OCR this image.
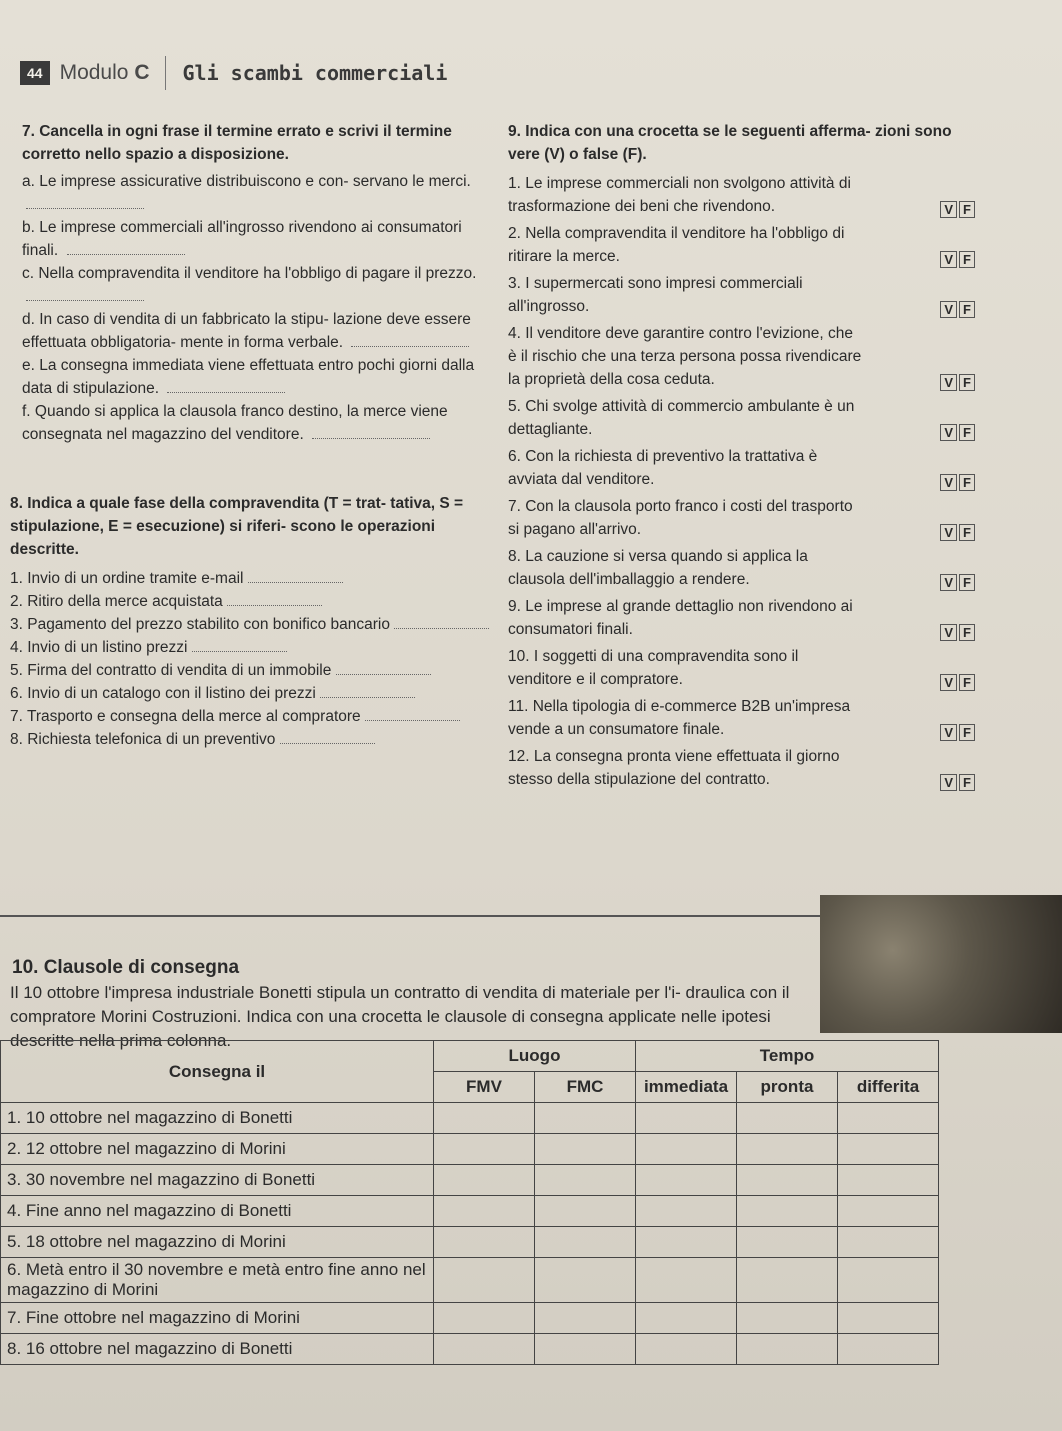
44 Modulo C Gli scambi commerciali

7. Cancella in ogni frase il termine errato e scrivi il termine corretto nello spazio a disposizione.

a. Le imprese assicurative distribuiscono e con- servano le merci.

b. Le imprese commerciali all'ingrosso rivendono ai consumatori finali.

c. Nella compravendita il venditore ha l'obbligo di pagare il prezzo.

d. In caso di vendita di un fabbricato la stipu- lazione deve essere effettuata obbligatoria- mente in forma verbale.

e. La consegna immediata viene effettuata entro pochi giorni dalla data di stipulazione.

f. Quando si applica la clausola franco destino, la merce viene consegnata nel magazzino del venditore.

8. Indica a quale fase della compravendita (T = trat- tativa, S = stipulazione, E = esecuzione) si riferi- scono le operazioni descritte.

1. Invio di un ordine tramite e-mail

2. Ritiro della merce acquistata

3. Pagamento del prezzo stabilito con bonifico bancario

4. Invio di un listino prezzi

5. Firma del contratto di vendita di un immobile

6. Invio di un catalogo con il listino dei prezzi

7. Trasporto e consegna della merce al compratore

8. Richiesta telefonica di un preventivo

9. Indica con una crocetta se le seguenti afferma- zioni sono vere (V) o false (F).

1. Le imprese commerciali non svolgono attività di trasformazione dei beni che rivendono.	V F
2. Nella compravendita il venditore ha l'obbligo di ritirare la merce.	V F
3. I supermercati sono impresi commerciali all'ingrosso.	V F
4. Il venditore deve garantire contro l'evizione, che è il rischio che una terza persona possa rivendicare la proprietà della cosa ceduta.	V F
5. Chi svolge attività di commercio ambulante è un dettagliante.	V F
6. Con la richiesta di preventivo la trattativa è avviata dal venditore.	V F
7. Con la clausola porto franco i costi del trasporto si pagano all'arrivo.	V F
8. La cauzione si versa quando si applica la clausola dell'imballaggio a rendere.	V F
9. Le imprese al grande dettaglio non rivendono ai consumatori finali.	V F
10. I soggetti di una compravendita sono il venditore e il compratore.	V F
11. Nella tipologia di e-commerce B2B un'impresa vende a un consumatore finale.	V F
12. La consegna pronta viene effettuata il giorno stesso della stipulazione del contratto.	V F
10. Clausole di consegna
Il 10 ottobre l'impresa industriale Bonetti stipula un contratto di vendita di materiale per l'i- draulica con il compratore Morini Costruzioni. Indica con una crocetta le clausole di consegna applicate nelle ipotesi descritte nella prima colonna.
Consegna il	Luogo		Tempo		
	FMV	FMC	immediata	pronta	differita
1. 10 ottobre nel magazzino di Bonetti					
2. 12 ottobre nel magazzino di Morini					
3. 30 novembre nel magazzino di Bonetti					
4. Fine anno nel magazzino di Bonetti					
5. 18 ottobre nel magazzino di Morini					
6. Metà entro il 30 novembre e metà entro fine anno nel magazzino di Morini					
7. Fine ottobre nel magazzino di Morini					
8. 16 ottobre nel magazzino di Bonetti					
